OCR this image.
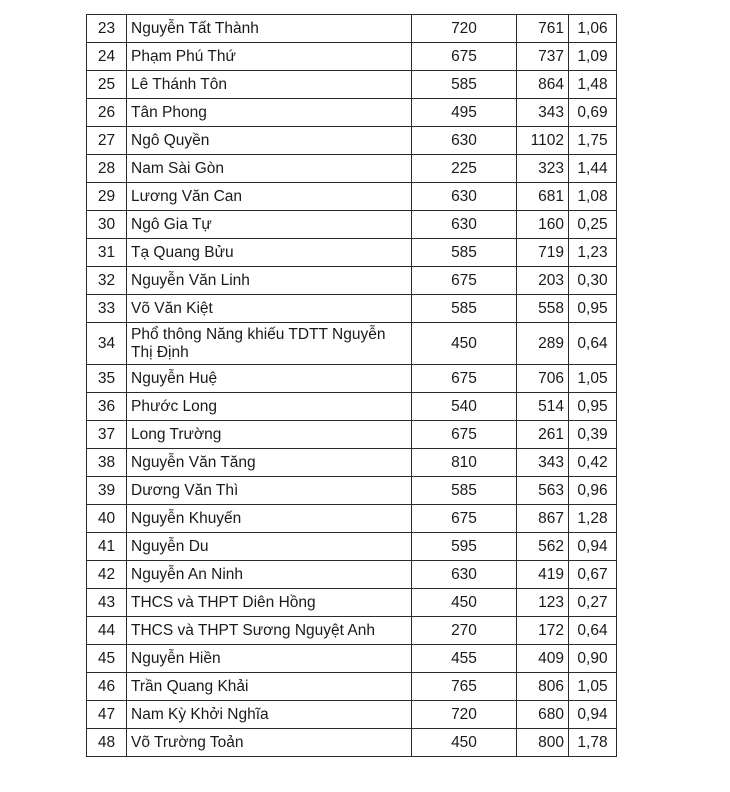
23	Nguyễn Tất Thành	720	761	1,06
24	Phạm Phú Thứ	675	737	1,09
25	Lê Thánh Tôn	585	864	1,48
26	Tân Phong	495	343	0,69
27	Ngô Quyền	630	1102	1,75
28	Nam Sài Gòn	225	323	1,44
29	Lương Văn Can	630	681	1,08
30	Ngô Gia Tự	630	160	0,25
31	Tạ Quang Bửu	585	719	1,23
32	Nguyễn Văn Linh	675	203	0,30
33	Võ Văn Kiệt	585	558	0,95
34	Phổ thông Năng khiếu TDTT Nguyễn Thị Định	450	289	0,64
35	Nguyễn Huệ	675	706	1,05
36	Phước Long	540	514	0,95
37	Long Trường	675	261	0,39
38	Nguyễn Văn Tăng	810	343	0,42
39	Dương Văn Thì	585	563	0,96
40	Nguyễn Khuyến	675	867	1,28
41	Nguyễn Du	595	562	0,94
42	Nguyễn An Ninh	630	419	0,67
43	THCS và THPT Diên Hồng	450	123	0,27
44	THCS và THPT Sương Nguyệt Anh	270	172	0,64
45	Nguyễn Hiền	455	409	0,90
46	Trần Quang Khải	765	806	1,05
47	Nam Kỳ Khởi Nghĩa	720	680	0,94
48	Võ Trường Toản	450	800	1,78
